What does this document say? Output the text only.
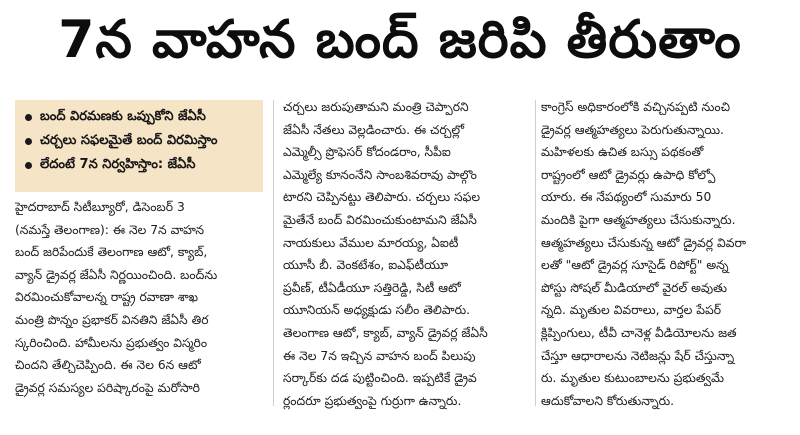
7న వాహన బంద్ జరిపి తీరుతాం
బంద్ విరమణకు ఒప్పుకోని జేఏసీ
చర్చలు సఫలమైతే బంద్ విరమిస్తాం
లేదంటే 7న నిర్వహిస్తాం: జేఏసీ
హైదరాబాద్ సిటీబ్యూరో, డిసెంబర్ 3
(నమస్తే తెలంగాణ): ఈ నెల 7న వాహన
బంద్ జరిపేందుకే తెలంగాణ ఆటో, క్యాబ్,
వ్యాన్ డ్రైవర్ల జేఏసీ నిర్ణయించింది. బంద్‌ను
విరమించుకోవాలన్న రాష్ట్ర రవాణా శాఖ
మంత్రి పొన్నం ప్రభాకర్ వినతిని జేఏసీ తిర
స్కరించింది. హామీలను ప్రభుత్వం విస్మరిం
చిందని తేల్చిచెప్పింది. ఈ నెల 6న ఆటో
డ్రైవర్ల సమస్యల పరిష్కారంపై మరోసారి
చర్చలు జరుపుతామని మంత్రి చెప్పారని
జేఏసీ నేతలు వెల్లడించారు. ఈ చర్చల్లో
ఎమ్మెల్సీ ప్రొఫెసర్ కోదండరాం, సీపీఐ
ఎమ్మెల్యే కూనంనేని సాంబశివరావు పాల్గొం
టారని చెప్పినట్టు తెలిపారు. చర్చలు సఫల
మైతేనే బంద్ విరమించుకుంటామని జేఏసీ
నాయకులు వేముల మారయ్య, ఏఐటీ
యూసీ బీ. వెంకటేశం, ఐఎఫ్‌టీయూ
ప్రవీణ్, టీఏడీయూ సత్తిరెడ్డి, సిటీ ఆటో
యూనియన్ అధ్యక్షుడు సలీం తెలిపారు.
తెలంగాణ ఆటో, క్యాబ్, వ్యాన్ డ్రైవర్ల జేఏసీ
ఈ నెల 7న ఇచ్చిన వాహన బంద్ పిలుపు
సర్కార్‌కు దడ పుట్టించింది. ఇప్పటికే డ్రైవ
ర్లందరూ ప్రభుత్వంపై గుర్రుగా ఉన్నారు.
కాంగ్రెస్ అధికారంలోకి వచ్చినప్పటి నుంచి
డ్రైవర్ల ఆత్మహత్యలు పెరుగుతున్నాయి.
మహిళలకు ఉచిత బస్సు పథకంతో
రాష్ట్రంలో ఆటో డ్రైవర్లు ఉపాధి కోల్పో
యారు. ఈ నేపథ్యంలో సుమారు 50
మందికి పైగా ఆత్మహత్యలు చేసుకున్నారు.
ఆత్మహత్యలు చేసుకున్న ఆటో డ్రైవర్ల వివరా
లతో "ఆటో డ్రైవర్ల సూసైడ్ రిపోర్ట్" అన్న
పోస్టు సోషల్ మీడియాలో వైరల్ అవుతు
న్నది. మృతుల వివరాలు, వార్తల పేపర్
క్లిప్పింగులు, టీవీ చానెళ్ల వీడియోలను జత
చేస్తూ ఆధారాలను నెటిజన్లు షేర్ చేస్తున్నా
రు. మృతుల కుటుంబాలను ప్రభుత్వమే
ఆదుకోవాలని కోరుతున్నారు.
